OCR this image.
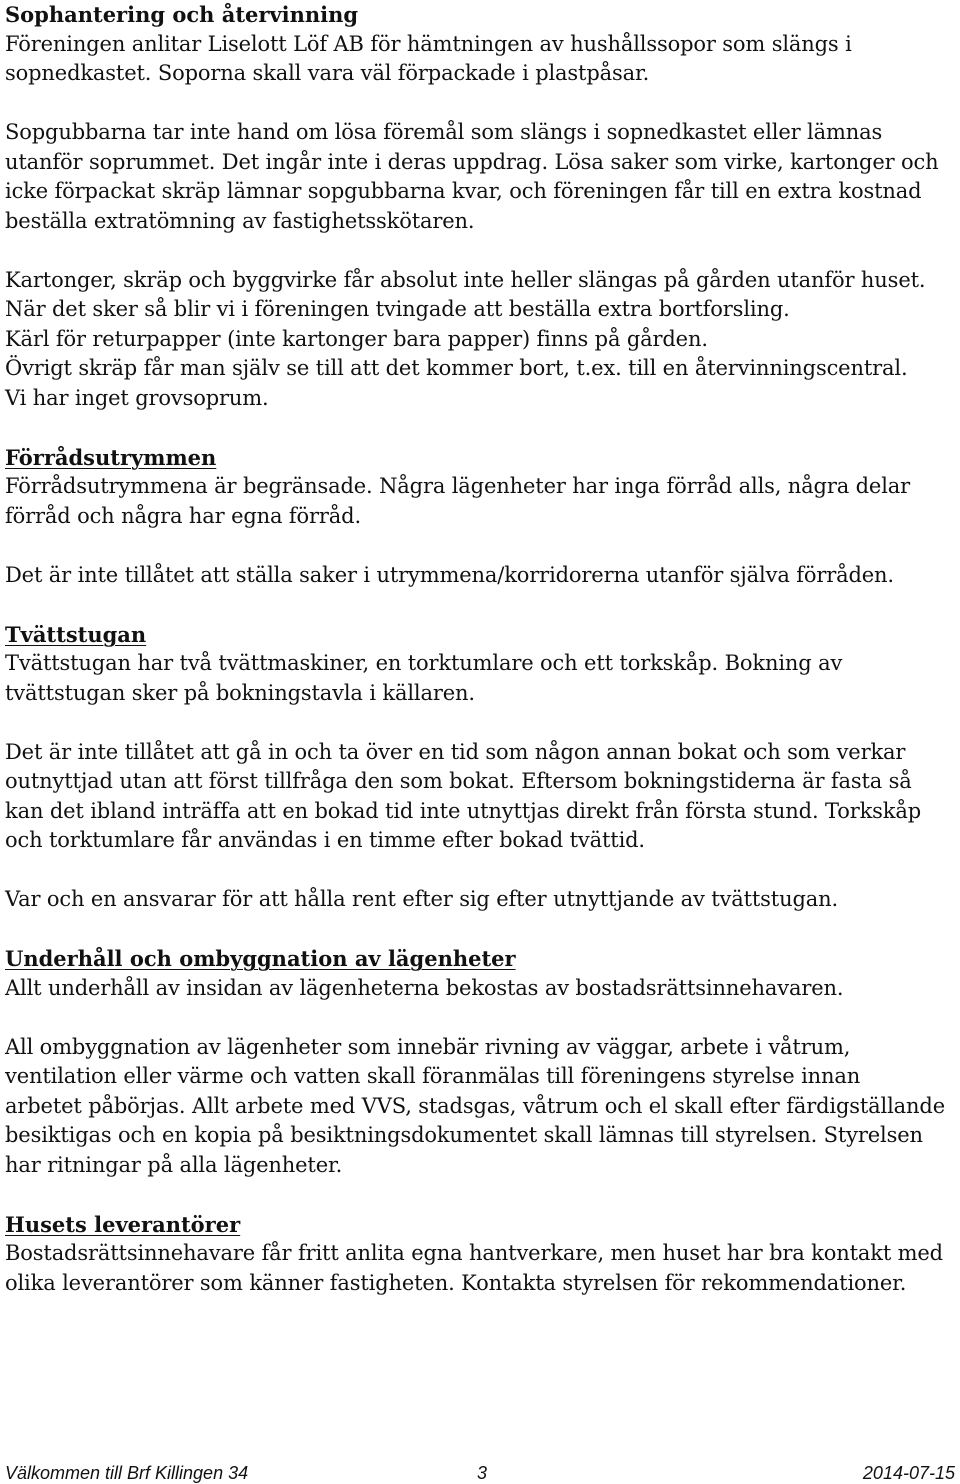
Sophantering och återvinning

Föreningen anlitar Liselott Löf AB för hämtningen av hushållssopor som slängs i
sopnedkastet. Soporna skall vara väl förpackade i plastpåsar.

Sopgubbarna tar inte hand om lösa föremål som slängs i sopnedkastet eller lämnas
utanför soprummet. Det ingår inte i deras uppdrag. Lösa saker som virke, kartonger och
icke förpackat skräp lämnar sopgubbarna kvar, och föreningen får till en extra kostnad
beställa extratömning av fastighetsskötaren.

Kartonger, skräp och byggvirke får absolut inte heller slängas på gården utanför huset.
När det sker så blir vi i föreningen tvingade att beställa extra bortforsling.
Kärl för returpapper (inte kartonger bara papper) finns på gården.
Övrigt skräp får man själv se till att det kommer bort, t.ex. till en återvinningscentral.
Vi har inget grovsoprum.

Förrådsutrymmen

Förrådsutrymmena är begränsade. Några lägenheter har inga förråd alls, några delar
förråd och några har egna förråd.

Det är inte tillåtet att ställa saker i utrymmena/korridorerna utanför själva förråden.

Tvättstugan

Tvättstugan har två tvättmaskiner, en torktumlare och ett torkskåp. Bokning av
tvättstugan sker på bokningstavla i källaren.

Det är inte tillåtet att gå in och ta över en tid som någon annan bokat och som verkar
outnyttjad utan att först tillfråga den som bokat. Eftersom bokningstiderna är fasta så
kan det ibland inträffa att en bokad tid inte utnyttjas direkt från första stund. Torkskåp
och torktumlare får användas i en timme efter bokad tvättid.

Var och en ansvarar för att hålla rent efter sig efter utnyttjande av tvättstugan.

Underhåll och ombyggnation av lägenheter

Allt underhåll av insidan av lägenheterna bekostas av bostadsrättsinnehavaren.

All ombyggnation av lägenheter som innebär rivning av väggar, arbete i våtrum,
ventilation eller värme och vatten skall föranmälas till föreningens styrelse innan
arbetet påbörjas. Allt arbete med VVS, stadsgas, våtrum och el skall efter färdigställande
besiktigas och en kopia på besiktningsdokumentet skall lämnas till styrelsen. Styrelsen
har ritningar på alla lägenheter.

Husets leverantörer

Bostadsrättsinnehavare får fritt anlita egna hantverkare, men huset har bra kontakt med
olika leverantörer som känner fastigheten. Kontakta styrelsen för rekommendationer.

Välkommen till Brf Killingen 34	3	2014-07-15
